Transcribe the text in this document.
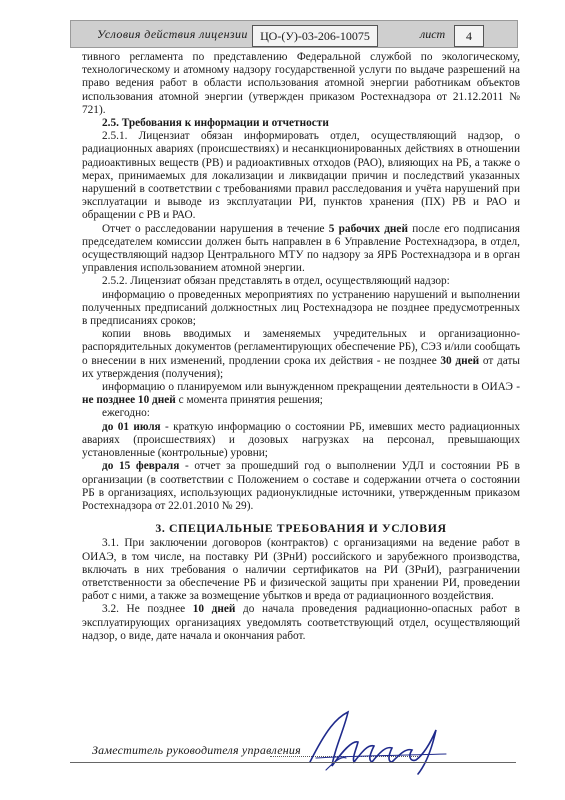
Условия действия лицензии	ЦО-(У)-03-206-10075	лист	4

тивного регламента по представлению Федеральной службой по экологическому, технологическому и атомному надзору государственной услуги по выдаче разрешений на право ведения работ в области использования атомной энергии работникам объектов использования атомной энергии (утвержден приказом Ростехнадзора от 21.12.2011 № 721).

2.5. Требования к информации и отчетности

2.5.1. Лицензиат обязан информировать отдел, осуществляющий надзор, о радиационных авариях (происшествиях) и несанкционированных действиях в отношении радиоактивных веществ (РВ) и радиоактивных отходов (РАО), влияющих на РБ, а также о мерах, принимаемых для локализации и ликвидации причин и последствий указанных нарушений в соответствии с требованиями правил расследования и учёта нарушений при эксплуатации и выводе из эксплуатации РИ, пунктов хранения (ПХ) РВ и РАО и обращении с РВ и РАО.

Отчет о расследовании нарушения в течение 5 рабочих дней после его подписания председателем комиссии должен быть направлен в 6 Управление Ростехнадзора, в отдел, осуществляющий надзор Центрального МТУ по надзору за ЯРБ Ростехнадзора и в орган управления использованием атомной энергии.

2.5.2. Лицензиат обязан представлять в отдел, осуществляющий надзор:

информацию о проведенных мероприятиях по устранению нарушений и выполнении полученных предписаний должностных лиц Ростехнадзора не позднее предусмотренных в предписаниях сроков;

копии вновь вводимых и заменяемых учредительных и организационно-распорядительных документов (регламентирующих обеспечение РБ), СЭЗ и/или сообщать о внесении в них изменений, продлении срока их действия - не позднее 30 дней от даты их утверждения (получения);

информацию о планируемом или вынужденном прекращении деятельности в ОИАЭ - не позднее 10 дней с момента принятия решения;

ежегодно:

до 01 июля - краткую информацию о состоянии РБ, имевших место радиационных авариях (происшествиях) и дозовых нагрузках на персонал, превышающих установленные (контрольные) уровни;

до 15 февраля - отчет за прошедший год о выполнении УДЛ и состоянии РБ в организации (в соответствии с Положением о составе и содержании отчета о состоянии РБ в организациях, использующих радионуклидные источники, утвержденным приказом Ростехнадзора от 22.01.2010 № 29).

3. СПЕЦИАЛЬНЫЕ ТРЕБОВАНИЯ И УСЛОВИЯ

3.1. При заключении договоров (контрактов) с организациями на ведение работ в ОИАЭ, в том числе, на поставку РИ (ЗРнИ) российского и зарубежного производства, включать в них требования о наличии сертификатов на РИ (ЗРнИ), разграничении ответственности за обеспечение РБ и физической защиты при хранении РИ, проведении работ с ними, а также за возмещение убытков и вреда от радиационного воздействия.

3.2. Не позднее 10 дней до начала проведения радиационно-опасных работ в эксплуатирующих организациях уведомлять соответствующий отдел, осуществляющий надзор, о виде, дате начала и окончания работ.

Заместитель руководителя управления
